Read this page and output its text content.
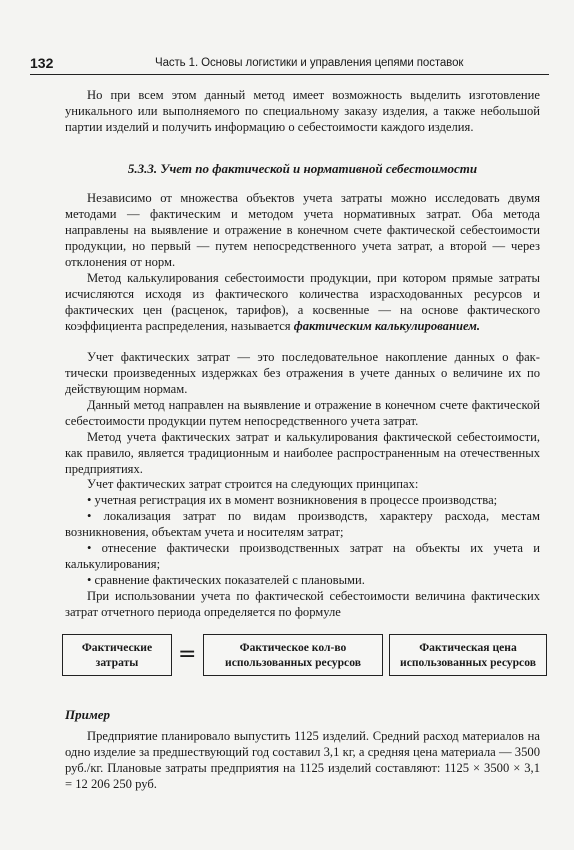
132	Часть 1. Основы логистики и управления цепями поставок

Но при всем этом данный метод имеет возможность выделить изготовление уникального или выполняемого по специальному заказу изделия, а также небольшой партии изделий и получить информацию о себестоимости каждого изделия.

5.3.3. Учет по фактической и нормативной себестоимости

Независимо от множества объектов учета затраты можно исследовать двумя методами — фактическим и методом учета нормативных затрат. Оба метода направлены на выявление и отражение в конечном счете фактической себестоимости продукции, но первый — путем непосредственного учета затрат, а второй — через отклонения от норм.

Метод калькулирования себестоимости продукции, при котором прямые затраты исчисляются исходя из фактического количества израсходованных ресурсов и фактических цен (расценок, тарифов), а косвенные — на основе фактического коэффициента распределения, называется фактическим калькулированием.

Учет фактических затрат — это последовательное накопление данных о фактически произведенных издержках без отражения в учете данных о величине их по действующим нормам.

Данный метод направлен на выявление и отражение в конечном счете фактической себестоимости продукции путем непосредственного учета затрат.

Метод учета фактических затрат и калькулирования фактической себестоимости, как правило, является традиционным и наиболее распространенным на отечественных предприятиях.

Учет фактических затрат строится на следующих принципах:

• учетная регистрация их в момент возникновения в процессе производства;

• локализация затрат по видам производств, характеру расхода, местам возникновения, объектам учета и носителям затрат;

• отнесение фактически производственных затрат на объекты их учета и калькулирования;

• сравнение фактических показателей с плановыми.

При использовании учета по фактической себестоимости величина фактических затрат отчетного периода определяется по формуле

Фактические
затраты =	Фактическое кол-во
использованных ресурсов
Фактическая цена
использованных ресурсов

Пример

Предприятие планировало выпустить 1125 изделий. Средний расход материалов на одно изделие за предшествующий год составил 3,1 кг, а средняя цена материала — 3500 руб./кг. Плановые затраты предприятия на 1125 изделий составляют: 1125 × 3500 × 3,1 = 12 206 250 руб.
